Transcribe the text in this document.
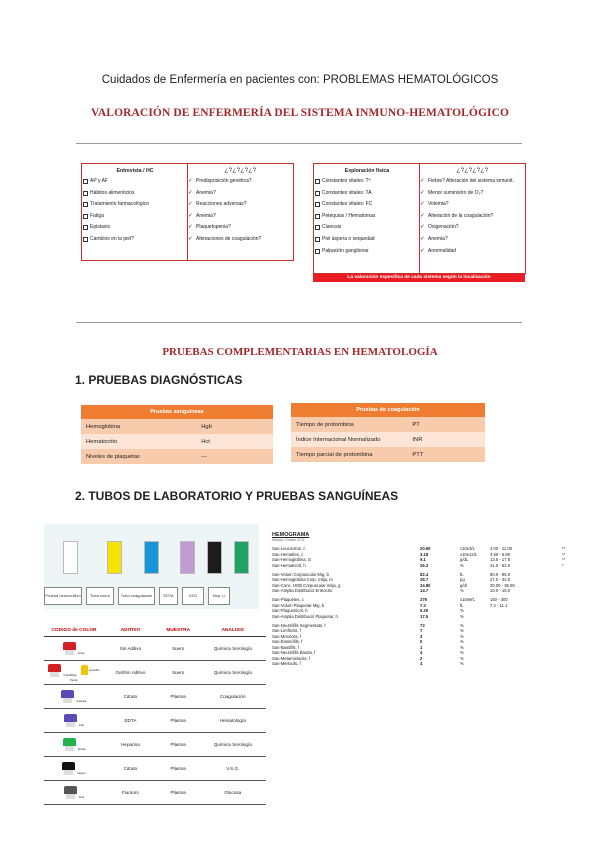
Cuidados de Enfermería en pacientes con: PROBLEMAS HEMATOLÓGICOS
VALORACIÓN DE ENFERMERÍA DEL SISTEMA INMUNO-HEMATOLÓGICO
Entrevista / HC
AP y AF
Hábitos alimenticios
Tratamiento farmacológico
Fatiga
Epistaxis
Cambios en la piel?
¿?¿?¿?¿?
✓ Predisposición genética?
✓ Anemia?
✓ Reacciones adversas?
✓ Anemia?
✓ Plaquetopenia?
✓ Alteraciones de coagulación?
Exploración física
Constantes vitales: Tª
Constantes vitales: TA
Constantes vitales: FC
Petequias / Hematomas
Cianosis
Piel áspera o sequedad
Palpación ganglionar
¿?¿?¿?¿?
✓ Fiebre? Alteración del sistema inmunit.
✓ Menor suministro de O₂?
✓ Volemia?
✓ Alteración de la coagulación?
✓ Oxigenación?
✓ Anemia?
✓ Anormalidad
La valoración específica de cada sistema según la localización
PRUEBAS COMPLEMENTARIAS EN HEMATOLOGÍA
1. PRUEBAS DIAGNÓSTICAS
Pruebas sanguíneas	
Hemoglobina	Hgb
Hematocrito	Hct
Niveles de plaquetas	---
Pruebas de coagulación	
Tiempo de protombina	PT
Índice Internacional Normalizado	INR
Tiempo parcial de protombina	PTT
2. TUBOS DE LABORATORIO Y PRUEBAS SANGUÍNEAS
Prueba hemocultivo	Tubo suero	Tubo coagulación	EDTA	VSG	Hep. Li
CODIGO de COLOR	ADITIVO	MUESTRA	ANALISIS

Rojo	Sin Aditivo	Suero	Química Serología

Gold/RojoAmarillo Tapón	Gel/Sin Aditivo	Suero	Química Serología

Celeste	Citrato	Plasma	Coagulación

Lila	EDTA	Plasma	Hematología

Verde	Heparina	Plasma	Química Serología

Negro	Citrato	Plasma	V.S.G.

Gris	Fluoruro	Plasma	Glucosa
HEMOGRAMA
Método: Coulter VCS
San-Leucocitos, c	20.60	x10e3/L	4.00 - 11.00	**
San-Hematíes, c	3.18	x10e12/L	4.50 - 5.90	**
San-Hemoglobina, G	9.1	g/dL	13.5 - 17.5	**
San-Hematocrit, h	26.2	%	41.0 - 52.0	*
San-Volum Corpuscular Mig, b	82.4	fL	80.0 - 95.0
San-Hemoglobina Corp. mitja, m	28.7	pg	27.0 - 32.0
San-Conc. HGB Corpuscular mitja, g	34.80	g/dl	30.00 - 35.00
San-Amplia Distribució Eritrocits.	14.7	%	10.0 - 15.0
San-Plaquetes, c	276	x10e9/L	150 - 400
San-Volum Plaquetar Mig, b	7.3	fL	7.2 - 11.1
San-Plaquetòcrit, h	0.20	%
San-Amplia Distribució Plaquetar, h	17.5	%
San-Neutròfils Segmentats, f	73	%
San-Limfòcits, f	7	%
San-Monòcits, f	3	%
San-Eosinòfils, f	0	%
San-Basòfils, f	1	%
San-Neutròfils Banda, f	4	%
San-Metamielocits, f	2	%
San-Mielocits, f	4	%
